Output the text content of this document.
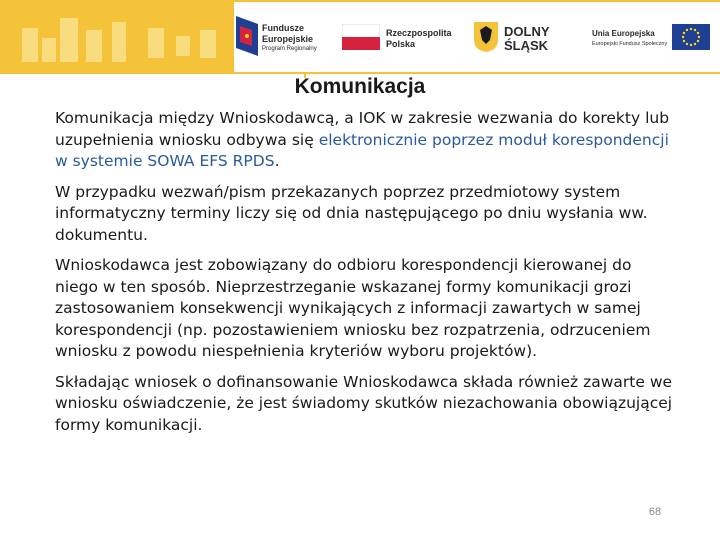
Fundusze
Europejskie
Program Regionalny
Rzeczpospolita
Polska
DOLNY
ŚLĄSK
Unia Europejska
Europejski Fundusz Społeczny
Komunikacja

Komunikacja między Wnioskodawcą, a IOK w zakresie wezwania do korekty lub uzupełnienia wniosku odbywa się elektronicznie poprzez moduł korespondencji w systemie SOWA EFS RPDS.

W przypadku wezwań/pism przekazanych poprzez przedmiotowy system informatyczny terminy liczy się od dnia następującego po dniu wysłania ww. dokumentu.

Wnioskodawca jest zobowiązany do odbioru korespondencji kierowanej do niego w ten sposób. Nieprzestrzeganie wskazanej formy komunikacji grozi zastosowaniem konsekwencji wynikających z informacji zawartych w samej korespondencji (np. pozostawieniem wniosku bez rozpatrzenia, odrzuceniem wniosku z powodu niespełnienia kryteriów wyboru projektów).

Składając wniosek o dofinansowanie Wnioskodawca składa również zawarte we wniosku oświadczenie, że jest świadomy skutków niezachowania obowiązującej formy komunikacji.

68
